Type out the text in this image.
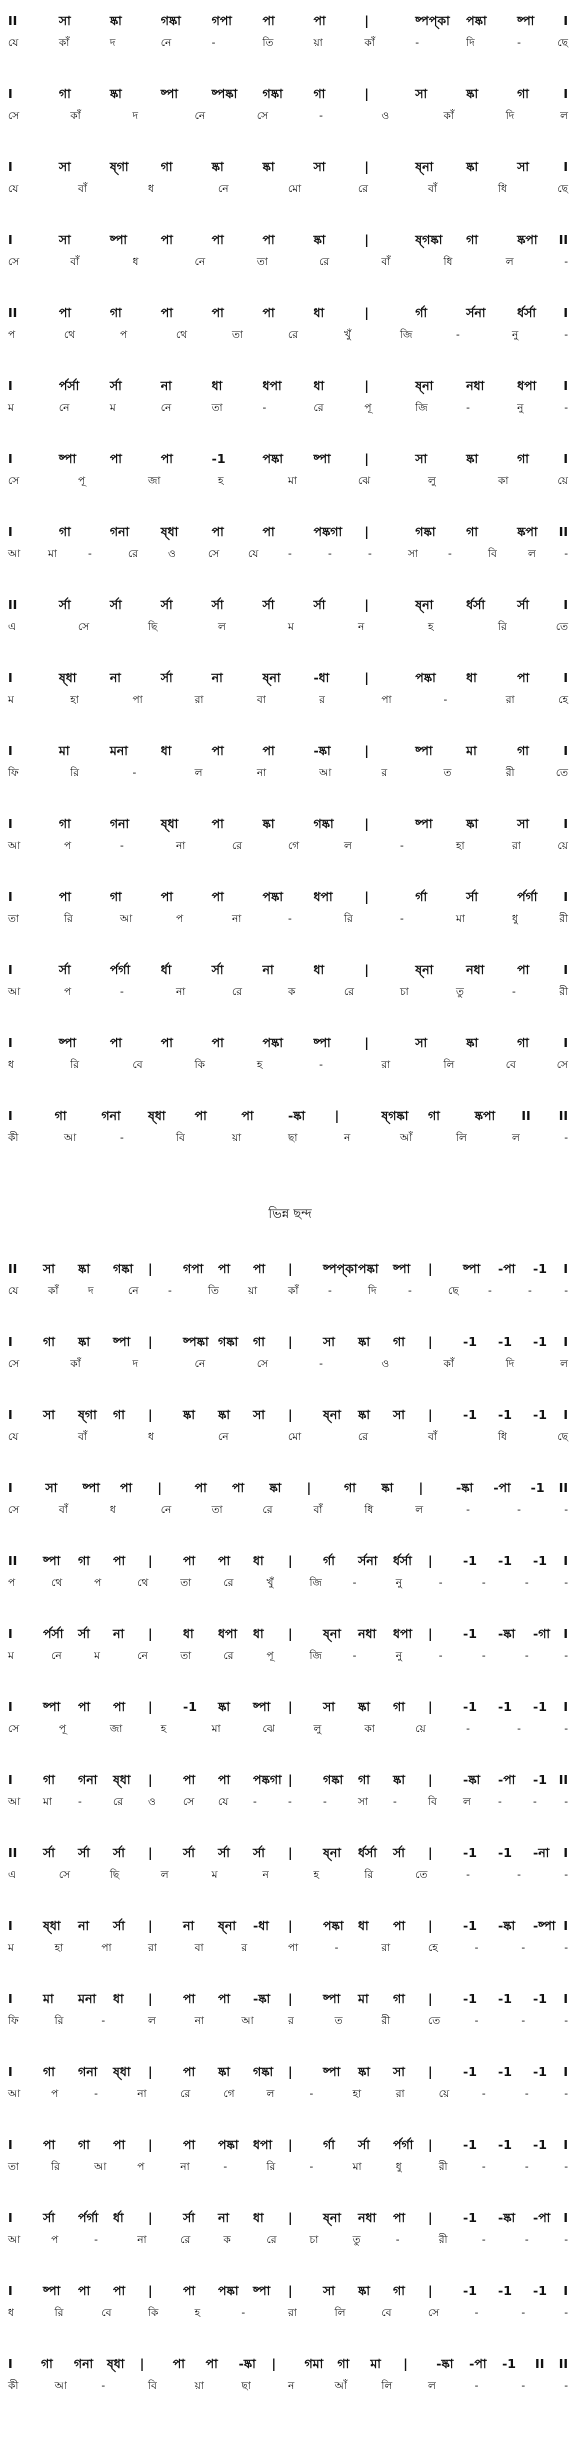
II	সা	ষ্কা	গষ্কা গপা পা	পা	|	ষ্পপ্কা পষ্কা ষ্পা I
যে	কাঁ	দ	নে	-	তি	য়া	কাঁ	-	দি	-	ছে
I	গা	ষ্কা	ষ্পা	ষ্পষ্কা গষ্কা গা	|	সা	ষ্কা	গা	I
সে	কাঁ	দ	নে	সে	-	ও	কাঁ	দি	ল
I	সা	ষ্গা	গা	ষ্কা	ষ্কা	সা	|	ষ্না	ষ্কা	সা	I
যে	বাঁ	ধ	নে	মো	রে	বাঁ	ধি	ছে
I	সা	ষ্পা	পা	পা	পা	ষ্কা	|	ষ্গষ্কা গা	ষ্কপা II
সে	বাঁ	ধ	নে	তা	রে	বাঁ	ধি	ল	-
II	পা	গা	পা	পা	পা	ধা	|	র্গা	র্সনা	র্ধর্সা I
প	থে	প	থে	তা	রে	খুঁ	জি	-	নু	-
I	র্পর্সা র্সা	না	ধা	ধপা	ধা	|	ষ্না	নধা	ধপা I
ম	নে	ম	নে	তা	-	রে	পূ	জি	-	নু	-
I	ষ্পা	পা	পা	-1	পষ্কা ষ্পা	|	সা	ষ্কা	গা	I
সে	পূ	জা	হ	মা	ঝে	লু	কা	য়ে
I	গা	গনা	ষ্ধা	পা	পা	পষ্কগা |	গষ্কা গা	ষ্কপা II
আ	মা	-	রে	ও	সে	যে	-	-	-	সা	-	বি	ল	-
II	র্সা	র্সা	র্সা	র্সা	র্সা	র্সা	|	ষ্না	র্ধর্সা	র্সা	I
এ	সে	ছি	ল	ম	ন	হ	রি	তে
I	ষ্ধা	না	র্সা	না	ষ্না	-ধা	|	পষ্কা ধা	পা	I
ম	হা	পা	রা	বা	র	পা	-	রা	হে
I	মা	মনা	ধা	পা	পা	-ষ্কা	|	ষ্পা	মা	গা	I
ফি	রি	-	ল	না	আ	র	ত	রী	তে
I	গা	গনা	ষ্ধা	পা	ষ্কা	গষ্কা |	ষ্পা	ষ্কা	সা	I
আ	প	-	না	রে	গে	ল	-	হা	রা	য়ে
I	পা	গা	পা	পা	পষ্কা ধপা	|	র্গা	র্সা	র্পর্গা I
তা	রি	আ	প	না	-	রি	-	মা	ধু	রী
I	র্সা	র্পর্গা র্ধা	র্সা	না	ধা	|	ষ্না	নধা	পা	I
আ	প	-	না	রে	ক	রে	চা	তু	-	রী
I	ষ্পা	পা	পা	পা	পষ্কা ষ্পা	|	সা	ষ্কা	গা	I
ধ	রি	বে	কি	হ	-	রা	লি	বে	সে
I	গা	গনা ষ্ধা পা	পা	-ষ্কা |	ষ্গষ্কা গা	ষ্কপা II II
কী	আ	-	বি	য়া	ছা	ন	আঁ	লি	ল	-
ভিন্ন ছন্দ
II সা ষ্কা গষ্কা | গপা পা পা | ষ্পপ্কা পষ্কা ষ্পা | ষ্পা -পা -1 I
যে	কাঁ	দ	নে	-	তি	য়া	কাঁ	-	দি	-	ছে	-	-	-
I গা ষ্কা ষ্পা | ষ্পষ্কা গষ্কা গা | সা ষ্কা গা | -1 -1 -1 I
সে	কাঁ	দ	নে	সে	-	ও	কাঁ	দি	ল
I সা ষ্গা গা | ষ্কা ষ্কা সা | ষ্না ষ্কা সা | -1 -1 -1 I
যে	বাঁ	ধ	নে	মো	রে	বাঁ	ধি	ছে
I	সা ষ্পা পা |	পা পা ষ্কা |	গা ষ্কা |	-ষ্কা -পা -1 II
সে	বাঁ	ধ	নে	তা	রে	বাঁ	ধি	ল	-	-	-
II ষ্পা গা পা | পা পা ধা | র্গা র্সনা র্ধর্সা | -1 -1 -1 I
প	থে	প	থে	তা	রে	খুঁ	জি	-	নু	-	-	-	-
I র্পর্সা র্সা না | ধা ধপা ধা | ষ্না নধা ধপা | -1 -ষ্কা -গা I
ম	নে	ম	নে	তা	রে	পূ	জি	-	নু	-	-	-	-
I ষ্পা পা পা | -1 ষ্কা ষ্পা | সা ষ্কা গা | -1 -1 -1 I
সে	পূ	জা	হ	মা	ঝে	লু	কা	য়ে	-	-	-
I গা গনা ষ্ধা | পা পা পষ্কগা | গষ্কা গা ষ্কা | -ষ্কা -পা -1 II
আ মা -	রে ও	সে যে -	-	-	সা -	বি ল	-	-	-
II র্সা র্সা র্সা | র্সা র্সা র্সা | ষ্না র্ধর্সা র্সা | -1 -1 -না I
এ	সে	ছি	ল	ম	ন	হ	রি	তে	-	-	-
I ষ্ধা না র্সা | না ষ্না -ধা | পষ্কা ধা পা | -1 -ষ্কা -ষ্পা I
ম	হা	পা	রা	বা	র	পা	-	রা	হে	-	-	-
I মা মনা ধা | পা পা -ষ্কা | ষ্পা মা গা | -1 -1 -1 I
ফি	রি	-	ল	না	আ	র	ত	রী	তে	-	-	-
I গা গনা ষ্ধা | পা ষ্কা গষ্কা | ষ্পা ষ্কা সা | -1 -1 -1 I
আ	প	-	না	রে	গে	ল	-	হা	রা	য়ে	-	-	-
I পা গা পা | পা পষ্কা ধপা | র্গা র্সা র্পর্গা | -1 -1 -1 I
তা	রি	আ	প	না	-	রি	-	মা	ধু	রী	-	-	-
I র্সা র্পর্গা র্ধা | র্সা না ধা | ষ্না নধা পা | -1 -ষ্কা -পা I
আ	প	-	না	রে	ক	রে	চা	তু	-	রী	-	-	-
I ষ্পা পা পা | পা পষ্কা ষ্পা | সা ষ্কা গা | -1 -1 -1 I
ধ	রি	বে	কি	হ	-	রা	লি	বে	সে	-	-	-
I গা গনা ষ্ধা | পা পা -ষ্কা | গমা গা মা | -ষ্কা -পা -1 II II
কী	আ	-	বি	য়া	ছা	ন	আঁ	লি	ল	-	-	-
